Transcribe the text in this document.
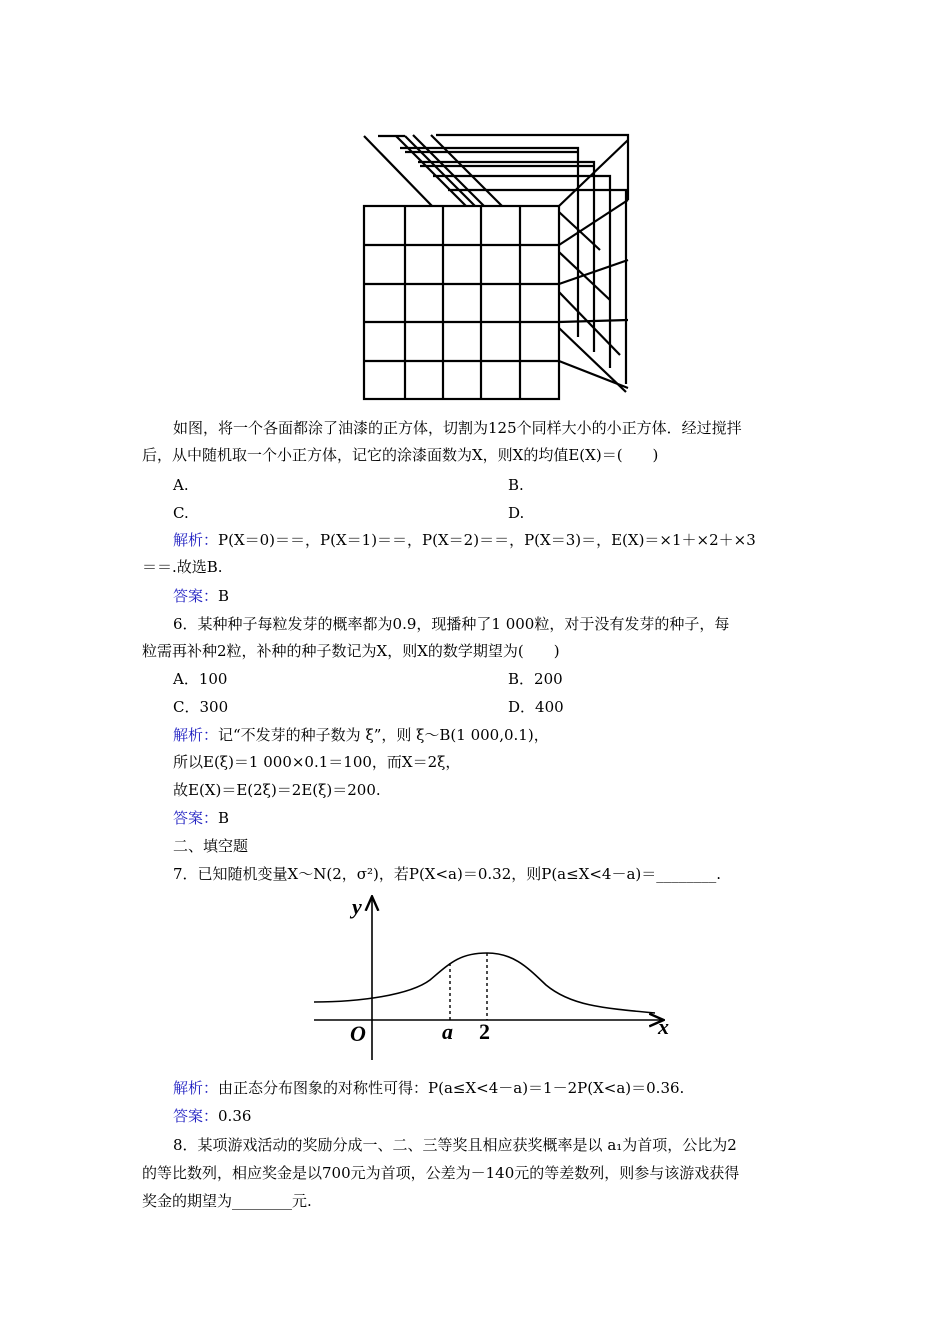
如图，将一个各面都涂了油漆的正方体，切割为125个同样大小的小正方体．经过搅拌
后，从中随机取一个小正方体，记它的涂漆面数为X，则X的均值E(X)＝(　　)
A.	B.
C.	D.
解析：P(X＝0)＝＝，P(X＝1)＝＝，P(X＝2)＝＝，P(X＝3)＝，E(X)＝×1＋×2＋×3
＝＝.故选B.
答案：B
6．某种种子每粒发芽的概率都为0.9，现播种了1 000粒，对于没有发芽的种子，每
粒需再补种2粒，补种的种子数记为X，则X的数学期望为(　　)
A．100	B．200
C．300	D．400
解析：记“不发芽的种子数为 ξ”，则 ξ～B(1 000,0.1)，
所以E(ξ)＝1 000×0.1＝100，而X＝2ξ，
故E(X)＝E(2ξ)＝2E(ξ)＝200.
答案：B
二、填空题
7．已知随机变量X～N(2，σ²)，若P(X<a)＝0.32，则P(a≤X<4－a)＝________.
y
x
O	a 2
解析：由正态分布图象的对称性可得：P(a≤X<4－a)＝1－2P(X<a)＝0.36.
答案：0.36
8．某项游戏活动的奖励分成一、二、三等奖且相应获奖概率是以 a₁为首项，公比为2
的等比数列，相应奖金是以700元为首项，公差为－140元的等差数列，则参与该游戏获得
奖金的期望为________元.
